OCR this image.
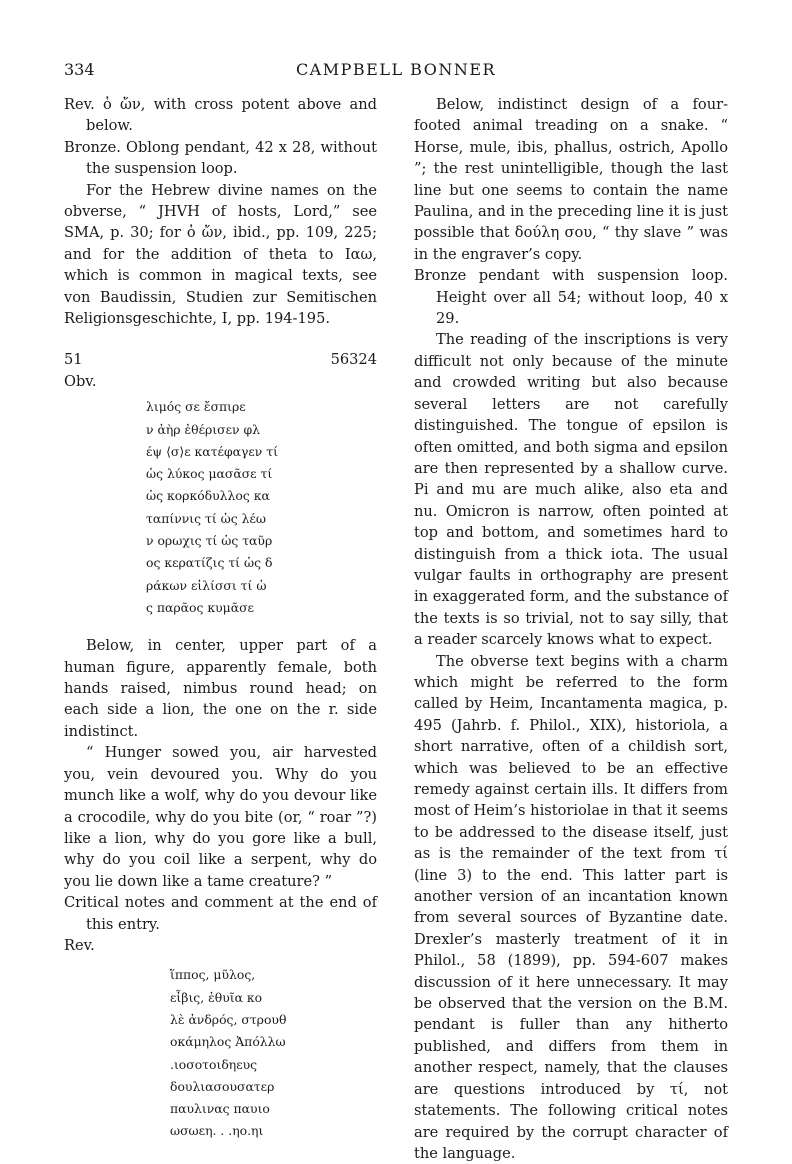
334	CAMPBELL BONNER

Rev. ὁ ὤν, with cross potent above and below.

Bronze. Oblong pendant, 42 x 28, without the suspension loop.

For the Hebrew divine names on the obverse, “ JHVH of hosts, Lord,” see SMA, p. 30; for ὁ ὤν, ibid., pp. 109, 225; and for the addition of theta to Ιαω, which is common in magical texts, see von Baudissin, Studien zur Semitischen Religionsgeschichte, I, pp. 194-195.

51	56324
Obv.
λιμός σε ἔσπιρε
ν ἀὴρ ἐθέρισεν φλ
έψ ⟨σ⟩ε κατέφαγεν τί
ὡς λύκος μασᾶσε τί
ὡς κορκόδυλλος κα
ταπίννις τί ὡς λέω
ν ορωχις τί ὡς ταῦρ
ος κερατίζις τί ὡς δ
ράκων εἰλίσσι τί ὡ
ς παρᾶος κυμᾶσε

Below, in center, upper part of a human figure, apparently female, both hands raised, nimbus round head; on each side a lion, the one on the r. side indistinct.

“ Hunger sowed you, air harvested you, vein devoured you. Why do you munch like a wolf, why do you devour like a crocodile, why do you bite (or, “ roar ”?) like a lion, why do you gore like a bull, why do you coil like a serpent, why do you lie down like a tame creature? ”

Critical notes and comment at the end of this entry.

Rev.
ἵππος, μῦλος,
εἶβις, ἐθυῖα κο
λὲ ἀνδρός, στρουθ
οκάμηλος Ἀπόλλω
.ιοσοτοιδηευς
δουλιασουσατερ
παυλινας ⁠παυιο
ωσωεη. . .ηο.ηι

Below, indistinct design of a four-footed animal treading on a snake. “ Horse, mule, ibis, phallus, ostrich, Apollo ”; the rest unintelligible, though the last line but one seems to contain the name Paulina, and in the preceding line it is just possible that δούλη σου, “ thy slave ” was in the engraver’s copy.

Bronze pendant with suspension loop. Height over all 54; without loop, 40 x 29.

The reading of the inscriptions is very difficult not only because of the minute and crowded writing but also because several letters are not carefully distinguished. The tongue of epsilon is often omitted, and both sigma and epsilon are then represented by a shallow curve. Pi and mu are much alike, also eta and nu. Omicron is narrow, often pointed at top and bottom, and sometimes hard to distinguish from a thick iota. The usual vulgar faults in orthography are present in exaggerated form, and the substance of the texts is so trivial, not to say silly, that a reader scarcely knows what to expect.

The obverse text begins with a charm which might be referred to the form called by Heim, Incantamenta magica, p. 495 (Jahrb. f. Philol., XIX), historiola, a short narrative, often of a childish sort, which was believed to be an effective remedy against certain ills. It differs from most of Heim’s historiolae in that it seems to be addressed to the disease itself, just as is the remainder of the text from τί (line 3) to the end. This latter part is another version of an incantation known from several sources of Byzantine date. Drexler’s masterly treatment of it in Philol., 58 (1899), pp. 594-607 makes discussion of it here unnecessary. It may be observed that the version on the B.M. pendant is fuller than any hitherto published, and differs from them in another respect, namely, that the clauses are questions introduced by τί, not statements. The following critical notes are required by the corrupt character of the language.
